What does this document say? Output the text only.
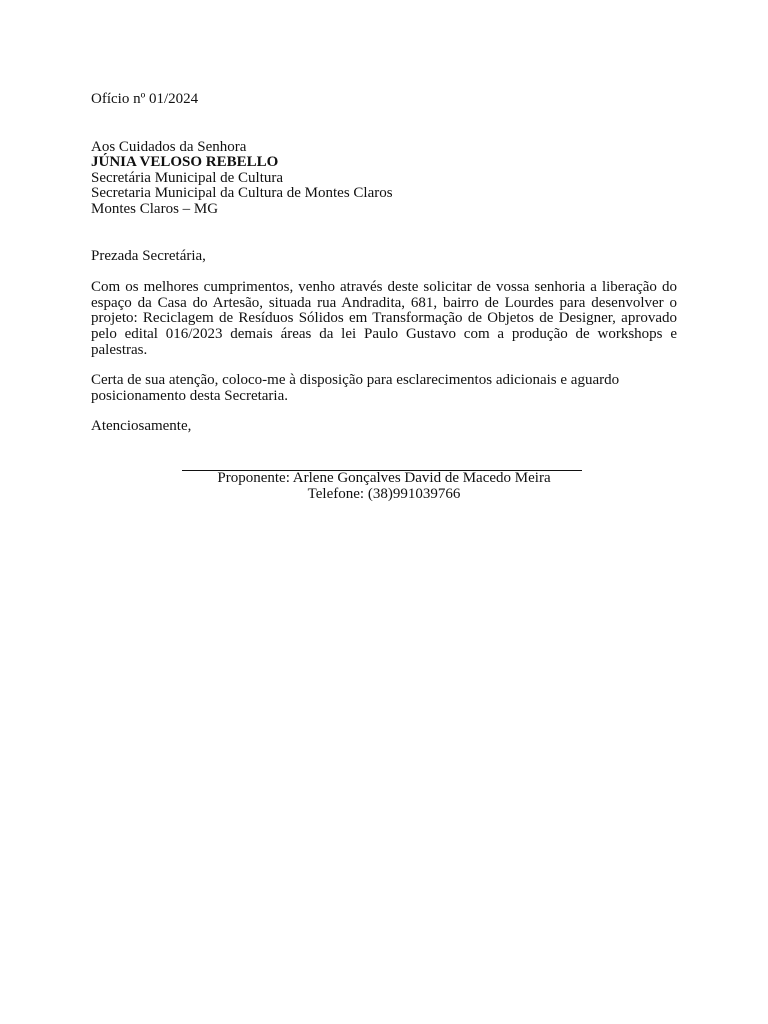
Ofício nº 01/2024
Aos Cuidados da Senhora
JÚNIA VELOSO REBELLO
Secretária Municipal de Cultura
Secretaria Municipal da Cultura de Montes Claros
Montes Claros – MG
Prezada Secretária,

Com os melhores cumprimentos, venho através deste solicitar de vossa senhoria a liberação do espaço da Casa do Artesão, situada rua Andradita, 681, bairro de Lourdes para desenvolver o projeto: Reciclagem de Resíduos Sólidos em Transformação de Objetos de Designer, aprovado pelo edital 016/2023 demais áreas da lei Paulo Gustavo com a produção de workshops e palestras.

Certa de sua atenção, coloco-me à disposição para esclarecimentos adicionais e aguardo posicionamento desta Secretaria.

Atenciosamente,
Proponente: Arlene Gonçalves David de Macedo Meira
Telefone: (38)991039766
